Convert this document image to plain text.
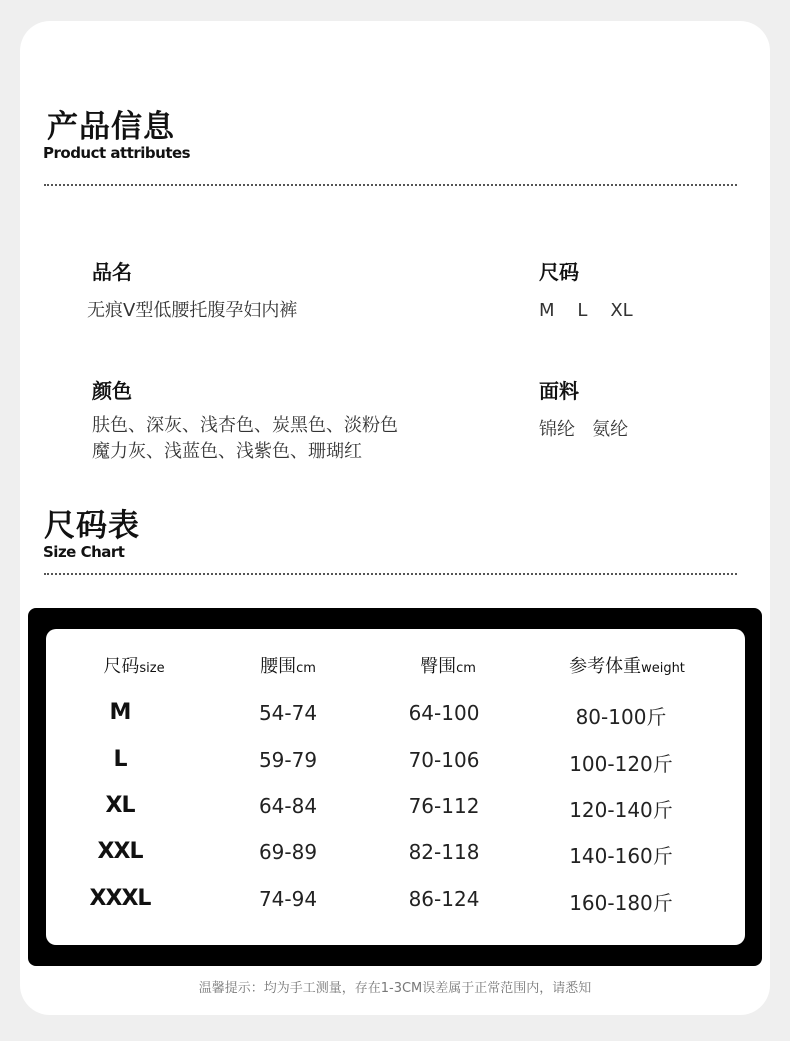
产品信息
Product attributes
品名
无痕V型低腰托腹孕妇内裤
尺码
M    L    XL
颜色
肤色、深灰、浅杏色、炭黑色、淡粉色
魔力灰、浅蓝色、浅紫色、珊瑚红
面料
锦纶   氨纶
尺码表
Size Chart
尺码size	腰围cm	臀围cm	参考体重weight
M	54-74	64-100	80-100斤
L	59-79	70-106	100-120斤
XL	64-84	76-112	120-140斤
XXL	69-89	82-118	140-160斤
XXXL	74-94	86-124	160-180斤
温馨提示：均为手工测量，存在1-3CM误差属于正常范围内，请悉知
